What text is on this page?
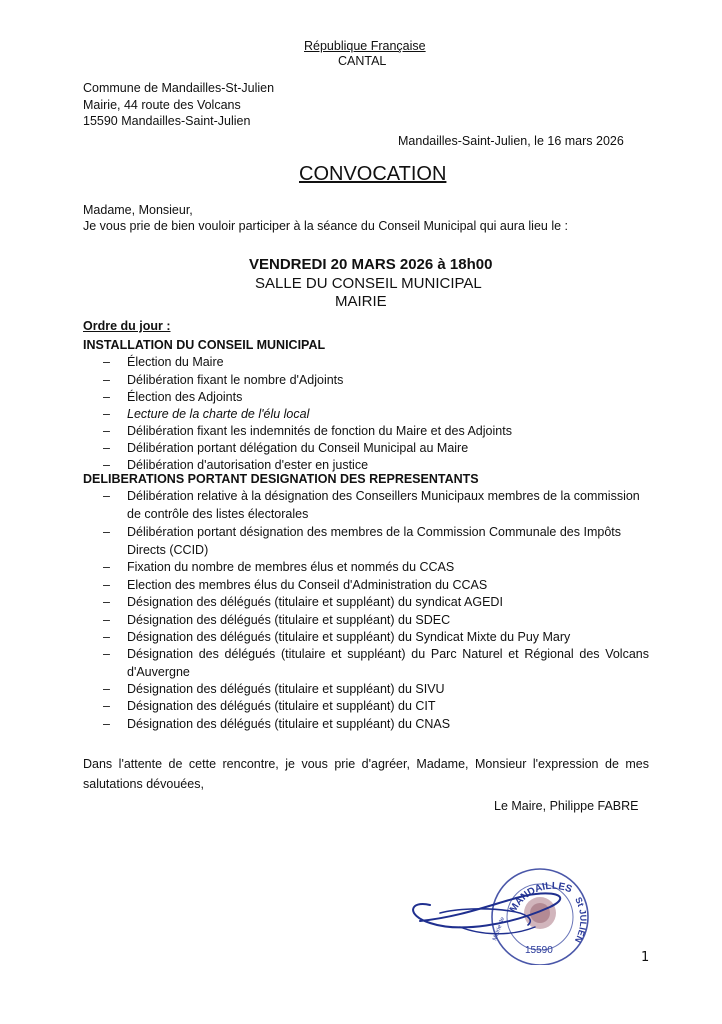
République Française
CANTAL
Commune de Mandailles-St-Julien
Mairie, 44 route des Volcans
15590 Mandailles-Saint-Julien
Mandailles-Saint-Julien, le 16 mars 2026
CONVOCATION
Madame, Monsieur,
Je vous prie de bien vouloir participer à la séance du Conseil Municipal qui aura lieu le :
VENDREDI 20 MARS 2026 à 18h00
SALLE DU CONSEIL MUNICIPAL
MAIRIE
Ordre du jour :
INSTALLATION DU CONSEIL MUNICIPAL
– Élection du Maire
– Délibération fixant le nombre d'Adjoints
– Élection des Adjoints
– Lecture de la charte de l'élu local
– Délibération fixant les indemnités de fonction du Maire et des Adjoints
– Délibération portant délégation du Conseil Municipal au Maire
– Délibération d'autorisation d'ester en justice
DELIBERATIONS PORTANT DESIGNATION DES REPRESENTANTS
– Délibération relative à la désignation des Conseillers Municipaux membres de la commission de contrôle des listes électorales
– Délibération portant désignation des membres de la Commission Communale des Impôts Directs (CCID)
– Fixation du nombre de membres élus et nommés du CCAS
– Election des membres élus du Conseil d'Administration du CCAS
– Désignation des délégués (titulaire et suppléant) du syndicat AGEDI
– Désignation des délégués (titulaire et suppléant) du SDEC
– Désignation des délégués (titulaire et suppléant) du Syndicat Mixte du Puy Mary
– Désignation des délégués (titulaire et suppléant) du Parc Naturel et Régional des Volcans d'Auvergne
– Désignation des délégués (titulaire et suppléant) du SIVU
– Désignation des délégués (titulaire et suppléant) du CIT
– Désignation des délégués (titulaire et suppléant) du CNAS
Dans l'attente de cette rencontre, je vous prie d'agréer, Madame, Monsieur l'expression de mes salutations dévouées,
Le Maire, Philippe FABRE
MANDAILLES
St JULIEN
Mairie de
15590	1
